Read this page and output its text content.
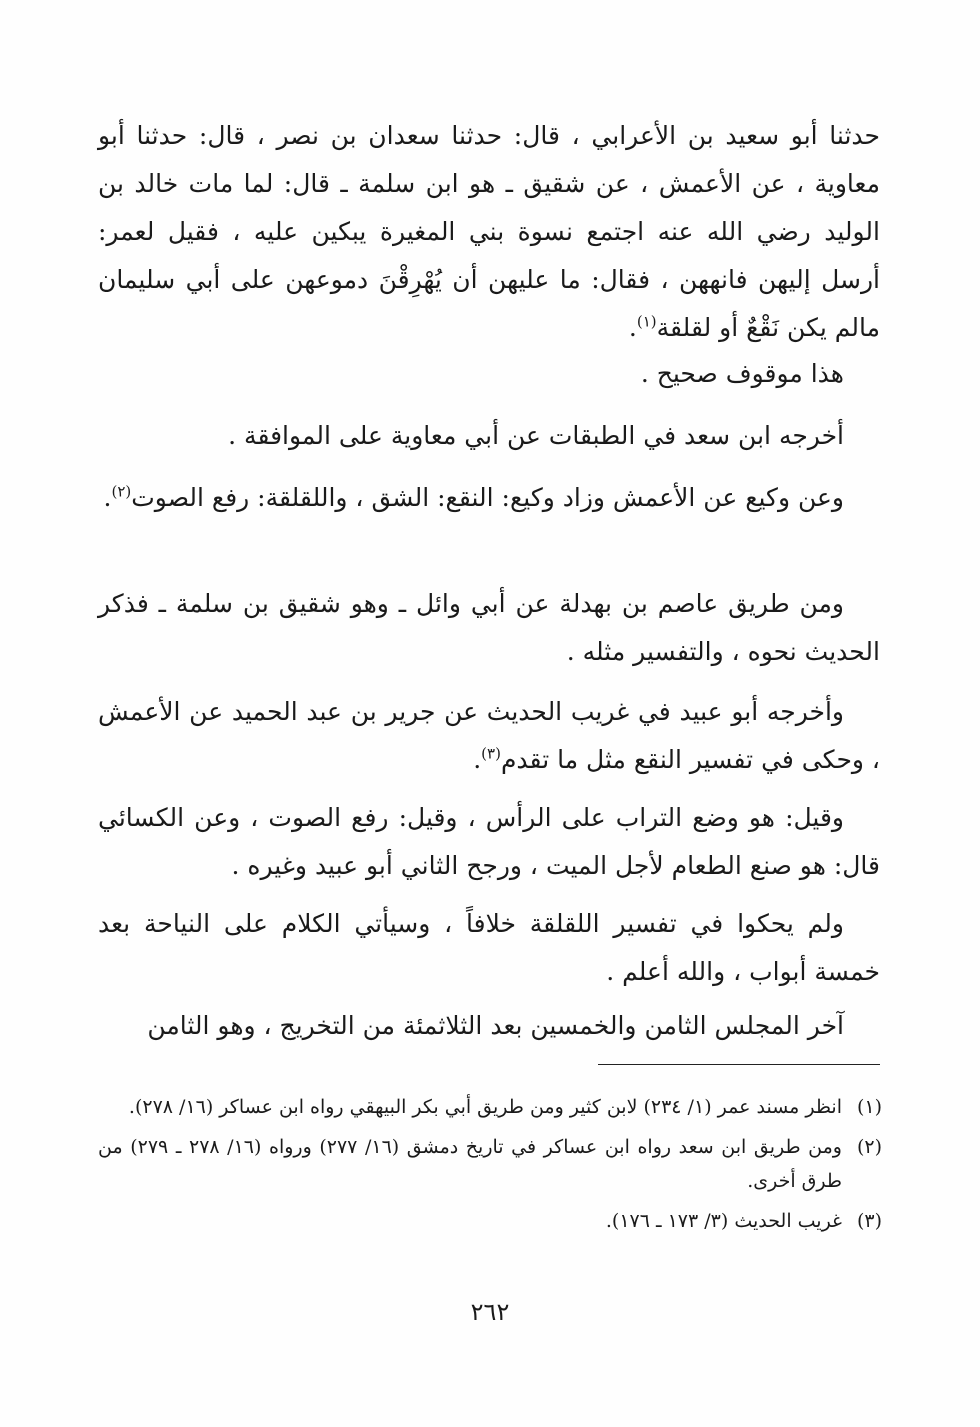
حدثنا أبو سعيد بن الأعرابي ، قال: حدثنا سعدان بن نصر ، قال: حدثنا أبو معاوية ، عن الأعمش ، عن شقيق ـ هو ابن سلمة ـ قال: لما مات خالد بن الوليد رضي الله عنه اجتمع نسوة بني المغيرة يبكين عليه ، فقيل لعمر: أرسل إليهن فانههن ، فقال: ما عليهن أن يُهْرِقْنَ دموعهن على أبي سليمان مالم يكن نَقْعٌ أو لقلقة$^{(١)}$.

هذا موقوف صحيح .

أخرجه ابن سعد في الطبقات عن أبي معاوية على الموافقة .

وعن وكيع عن الأعمش وزاد وكيع: النقع: الشق ، واللقلقة: رفع الصوت$^{(٢)}$.

ومن طريق عاصم بن بهدلة عن أبي وائل ـ وهو شقيق بن سلمة ـ فذكر الحديث نحوه ، والتفسير مثله .

وأخرجه أبو عبيد في غريب الحديث عن جرير بن عبد الحميد عن الأعمش ، وحكى في تفسير النقع مثل ما تقدم$^{(٣)}$.

وقيل: هو وضع التراب على الرأس ، وقيل: رفع الصوت ، وعن الكسائي قال: هو صنع الطعام لأجل الميت ، ورجح الثاني أبو عبيد وغيره .

ولم يحكوا في تفسير اللقلقة خلافاً ، وسيأتي الكلام على النياحة بعد خمسة أبواب ، والله أعلم .

آخر المجلس الثامن والخمسين بعد الثلاثمئة من التخريج ، وهو الثامن

(١)
انظر مسند عمر (١/ ٢٣٤) لابن كثير ومن طريق أبي بكر البيهقي رواه ابن عساكر (١٦/ ٢٧٨).
(٢)
ومن طريق ابن سعد رواه ابن عساكر في تاريخ دمشق (١٦/ ٢٧٧) ورواه (١٦/ ٢٧٨ ـ ٢٧٩) من طرق أخرى.
(٣)
غريب الحديث (٣/ ١٧٣ ـ ١٧٦).
٢٦٢
